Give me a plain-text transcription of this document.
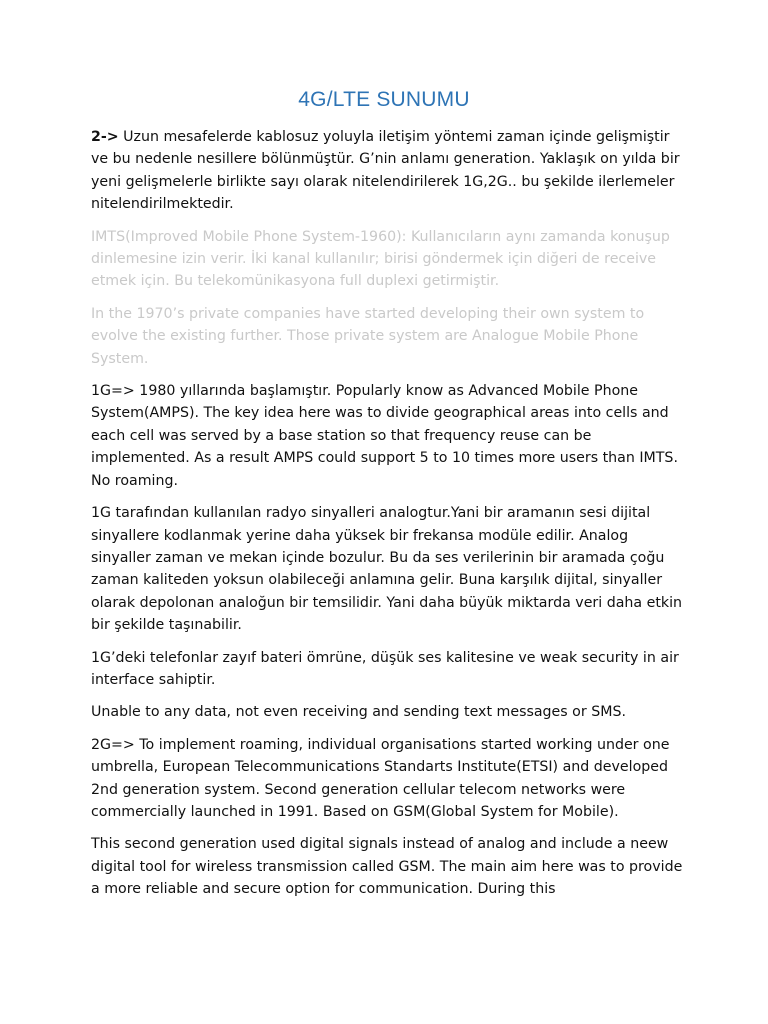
4G/LTE SUNUMU

2-> Uzun mesafelerde kablosuz yoluyla iletişim yöntemi zaman içinde gelişmiştir ve bu nedenle nesillere bölünmüştür. G’nin anlamı generation. Yaklaşık on yılda bir yeni gelişmelerle birlikte sayı olarak nitelendirilerek 1G,2G.. bu şekilde ilerlemeler nitelendirilmektedir.

IMTS(Improved Mobile Phone System-1960): Kullanıcıların aynı zamanda konuşup dinlemesine izin verir. İki kanal kullanılır; birisi göndermek için diğeri de receive etmek için. Bu telekomünikasyona full duplexi getirmiştir.

In the 1970’s private companies have started developing their own system to evolve the existing further. Those private system are Analogue Mobile Phone System.

1G=> 1980 yıllarında başlamıştır. Popularly know as Advanced Mobile Phone System(AMPS). The key idea here was to divide geographical areas into cells and each cell was served by a base station so that frequency reuse can be implemented. As a result AMPS could support 5 to 10 times more users than IMTS. No roaming.

1G tarafından kullanılan radyo sinyalleri analogtur.Yani bir aramanın sesi dijital sinyallere kodlanmak yerine daha yüksek bir frekansa modüle edilir. Analog sinyaller zaman ve mekan içinde bozulur. Bu da ses verilerinin bir aramada çoğu zaman kaliteden yoksun olabileceği anlamına gelir. Buna karşılık dijital, sinyaller olarak depolonan analoğun bir temsilidir. Yani daha büyük miktarda veri daha etkin bir şekilde taşınabilir.

1G’deki telefonlar zayıf bateri ömrüne, düşük ses kalitesine ve weak security in air interface sahiptir.

Unable to any data, not even receiving and sending text messages or SMS.

2G=> To implement roaming, individual organisations started working under one umbrella, European Telecommunications Standarts Institute(ETSI) and developed 2nd generation system. Second generation cellular telecom networks were commercially launched in 1991. Based on GSM(Global System for Mobile).

This second generation used digital signals instead of analog and include a neew digital tool for wireless transmission called GSM. The main aim here was to provide a more reliable and secure option for communication. During this
